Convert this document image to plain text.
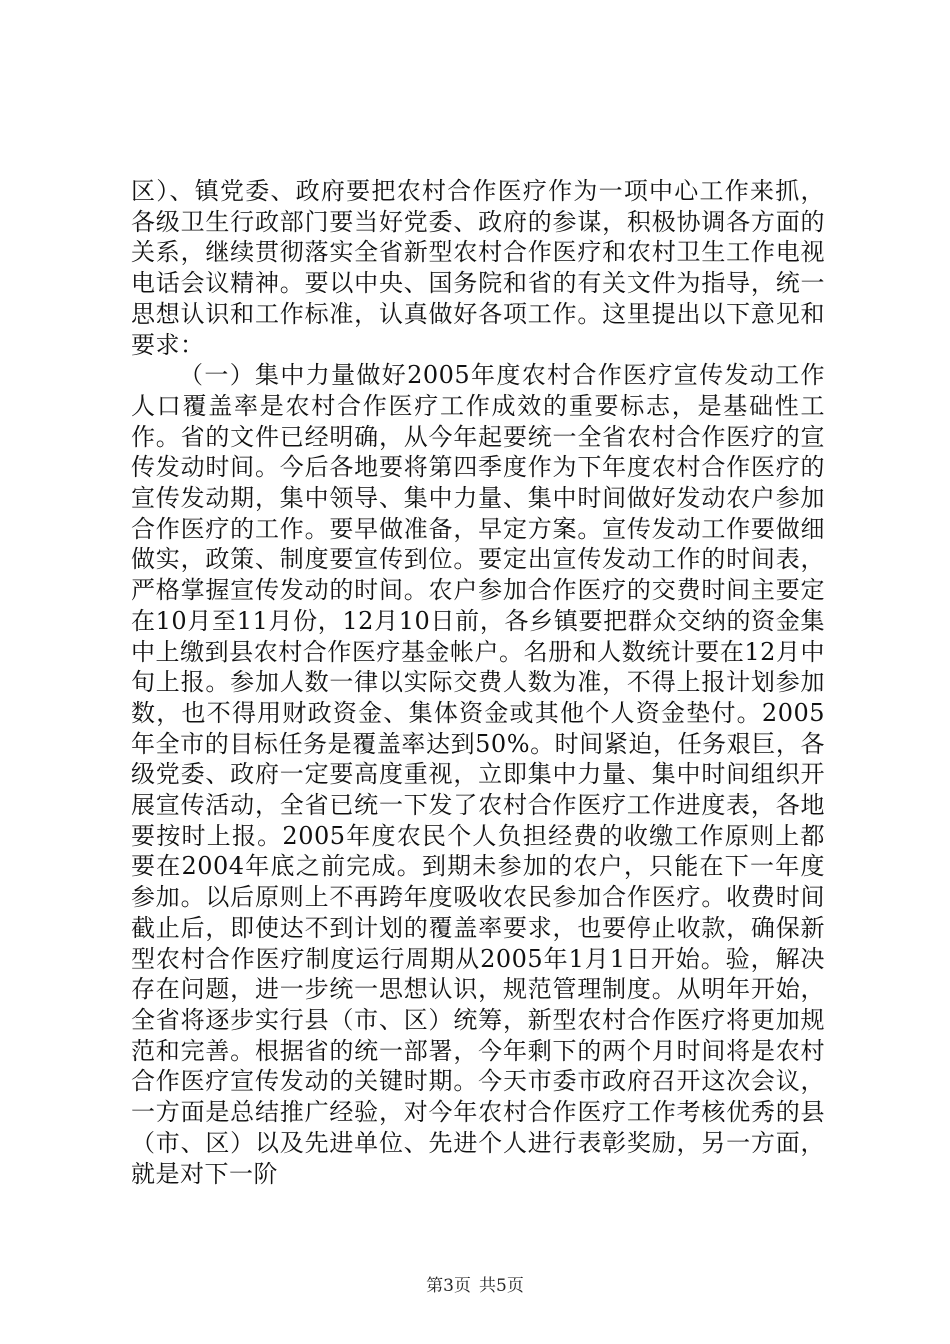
区）、镇党委、政府要把农村合作医疗作为一项中心工作来抓，各级卫生行政部门要当好党委、政府的参谋，积极协调各方面的关系，继续贯彻落实全省新型农村合作医疗和农村卫生工作电视电话会议精神。要以中央、国务院和省的有关文件为指导，统一思想认识和工作标准，认真做好各项工作。这里提出以下意见和要求：

（一）集中力量做好2005年度农村合作医疗宣传发动工作人口覆盖率是农村合作医疗工作成效的重要标志，是基础性工作。省的文件已经明确，从今年起要统一全省农村合作医疗的宣传发动时间。今后各地要将第四季度作为下年度农村合作医疗的宣传发动期，集中领导、集中力量、集中时间做好发动农户参加合作医疗的工作。要早做准备，早定方案。宣传发动工作要做细做实，政策、制度要宣传到位。要定出宣传发动工作的时间表，严格掌握宣传发动的时间。农户参加合作医疗的交费时间主要定在10月至11月份，12月10日前，各乡镇要把群众交纳的资金集中上缴到县农村合作医疗基金帐户。名册和人数统计要在12月中旬上报。参加人数一律以实际交费人数为准，不得上报计划参加数，也不得用财政资金、集体资金或其他个人资金垫付。2005年全市的目标任务是覆盖率达到50%。时间紧迫，任务艰巨，各级党委、政府一定要高度重视，立即集中力量、集中时间组织开展宣传活动，全省已统一下发了农村合作医疗工作进度表，各地要按时上报。2005年度农民个人负担经费的收缴工作原则上都要在2004年底之前完成。到期未参加的农户，只能在下一年度参加。以后原则上不再跨年度吸收农民参加合作医疗。收费时间截止后，即使达不到计划的覆盖率要求，也要停止收款，确保新型农村合作医疗制度运行周期从2005年1月1日开始。验，解决存在问题，进一步统一思想认识，规范管理制度。从明年开始，全省将逐步实行县（市、区）统筹，新型农村合作医疗将更加规范和完善。根据省的统一部署，今年剩下的两个月时间将是农村合作医疗宣传发动的关键时期。今天市委市政府召开这次会议，一方面是总结推广经验，对今年农村合作医疗工作考核优秀的县（市、区）以及先进单位、先进个人进行表彰奖励，另一方面，就是对下一阶

第3页 共5页
